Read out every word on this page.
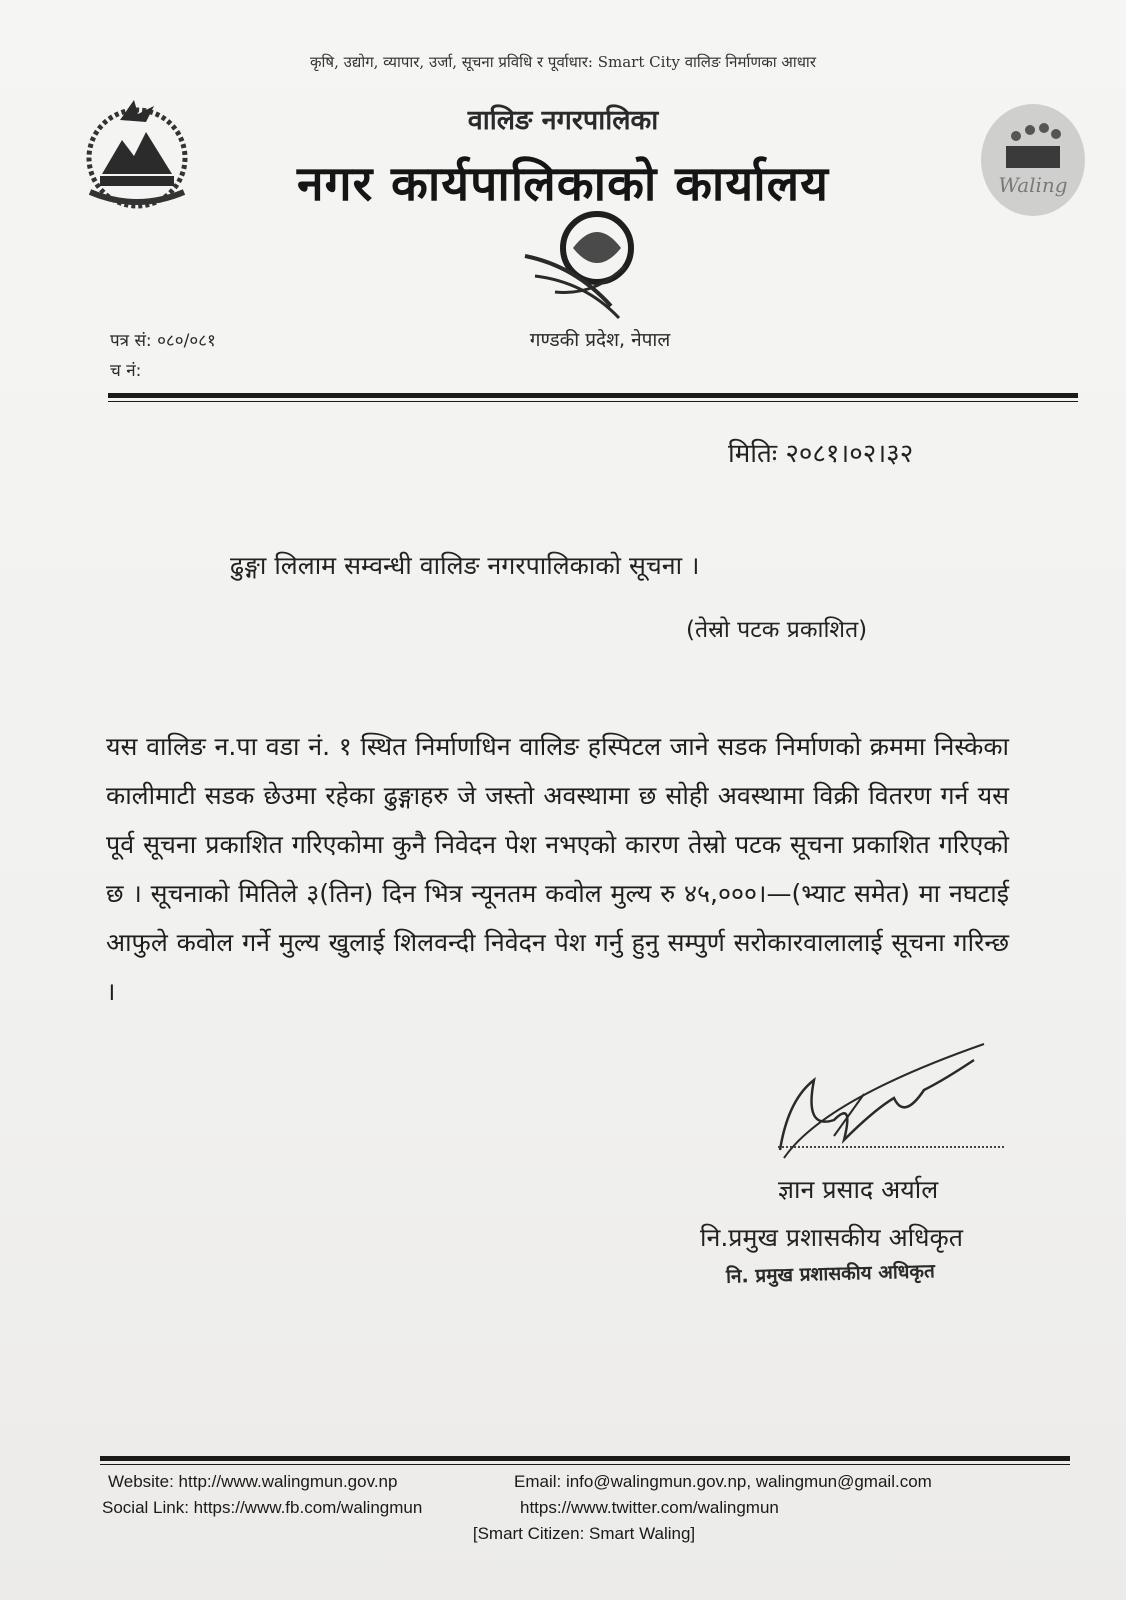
कृषि, उद्योग, व्यापार, उर्जा, सूचना प्रविधि र पूर्वाधार: Smart City वालिङ निर्माणका आधार
वालिङ नगरपालिका
नगर कार्यपालिकाको कार्यालय	Waling
पत्र सं: ०८०/०८१
च नं:
गण्डकी प्रदेश, नेपाल
मितिः २०८१।०२।३२
ढुङ्गा लिलाम सम्वन्धी वालिङ नगरपालिकाको सूचना ।
(तेस्रो पटक प्रकाशित)
यस वालिङ न.पा वडा नं. १ स्थित निर्माणधिन वालिङ हस्पिटल जाने सडक निर्माणको क्रममा निस्केका कालीमाटी सडक छेउमा रहेका ढुङ्गाहरु जे जस्तो अवस्थामा छ सोही अवस्थामा विक्री वितरण गर्न यस पूर्व सूचना प्रकाशित गरिएकोमा कुनै निवेदन पेश नभएको कारण तेस्रो पटक सूचना प्रकाशित गरिएको छ । सूचनाको मितिले ३(तिन) दिन भित्र न्यूनतम कवोल मुल्य रु ४५,०००।—(भ्याट समेत) मा नघटाई आफुले कवोल गर्ने मुल्य खुलाई शिलवन्दी निवेदन पेश गर्नु हुनु सम्पुर्ण सरोकारवालालाई सूचना गरिन्छ ।
ज्ञान प्रसाद अर्याल
नि.प्रमुख प्रशासकीय अधिकृत
नि. प्रमुख प्रशासकीय अधिकृत
Website: http://www.walingmun.gov.np	Email: info@walingmun.gov.np, walingmun@gmail.com
Social Link: https://www.fb.com/walingmun	https://www.twitter.com/walingmun
[Smart Citizen: Smart Waling]
